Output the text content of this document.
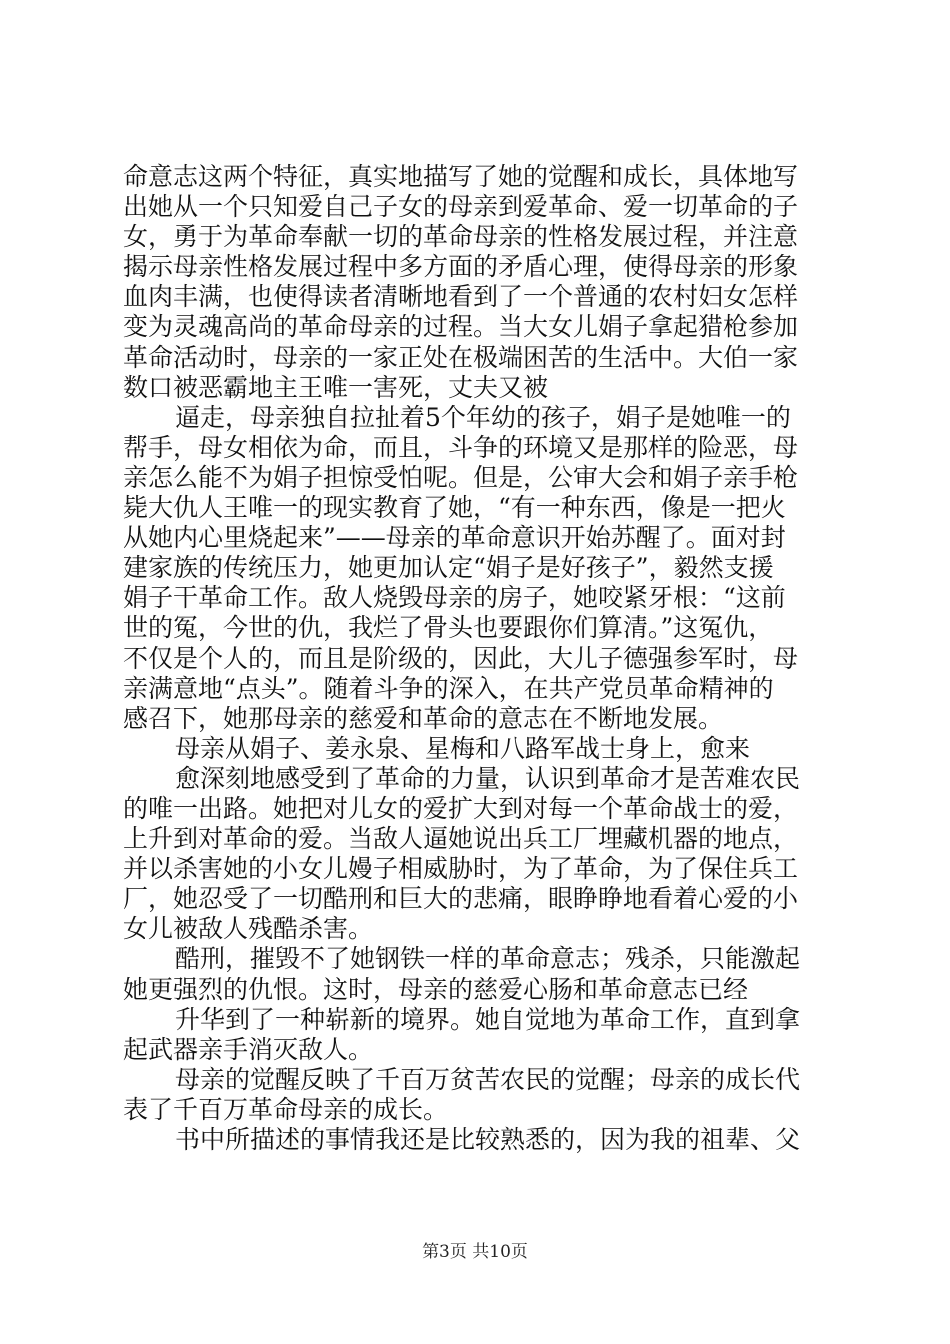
命意志这两个特征，真实地描写了她的觉醒和成长，具体地写
出她从一个只知爱自己子女的母亲到爱革命、爱一切革命的子
女，勇于为革命奉献一切的革命母亲的性格发展过程，并注意
揭示母亲性格发展过程中多方面的矛盾心理，使得母亲的形象
血肉丰满，也使得读者清晰地看到了一个普通的农村妇女怎样
变为灵魂高尚的革命母亲的过程。当大女儿娟子拿起猎枪参加
革命活动时，母亲的一家正处在极端困苦的生活中。大伯一家
数口被恶霸地主王唯一害死，丈夫又被
逼走，母亲独自拉扯着5个年幼的孩子，娟子是她唯一的
帮手，母女相依为命，而且，斗争的环境又是那样的险恶，母
亲怎么能不为娟子担惊受怕呢。但是，公审大会和娟子亲手枪
毙大仇人王唯一的现实教育了她，“有一种东西，像是一把火
从她内心里烧起来”——母亲的革命意识开始苏醒了。面对封
建家族的传统压力，她更加认定“娟子是好孩子”，毅然支援
娟子干革命工作。敌人烧毁母亲的房子，她咬紧牙根：“这前
世的冤，今世的仇，我烂了骨头也要跟你们算清。”这冤仇，
不仅是个人的，而且是阶级的，因此，大儿子德强参军时，母
亲满意地“点头”。随着斗争的深入，在共产党员革命精神的
感召下，她那母亲的慈爱和革命的意志在不断地发展。
母亲从娟子、姜永泉、星梅和八路军战士身上，愈来
愈深刻地感受到了革命的力量，认识到革命才是苦难农民
的唯一出路。她把对儿女的爱扩大到对每一个革命战士的爱，
上升到对革命的爱。当敌人逼她说出兵工厂埋藏机器的地点，
并以杀害她的小女儿嫚子相威胁时，为了革命，为了保住兵工
厂，她忍受了一切酷刑和巨大的悲痛，眼睁睁地看着心爱的小
女儿被敌人残酷杀害。
酷刑，摧毁不了她钢铁一样的革命意志；残杀，只能激起
她更强烈的仇恨。这时，母亲的慈爱心肠和革命意志已经
升华到了一种崭新的境界。她自觉地为革命工作，直到拿
起武器亲手消灭敌人。
母亲的觉醒反映了千百万贫苦农民的觉醒；母亲的成长代
表了千百万革命母亲的成长。
书中所描述的事情我还是比较熟悉的，因为我的祖辈、父
第3页 共10页
